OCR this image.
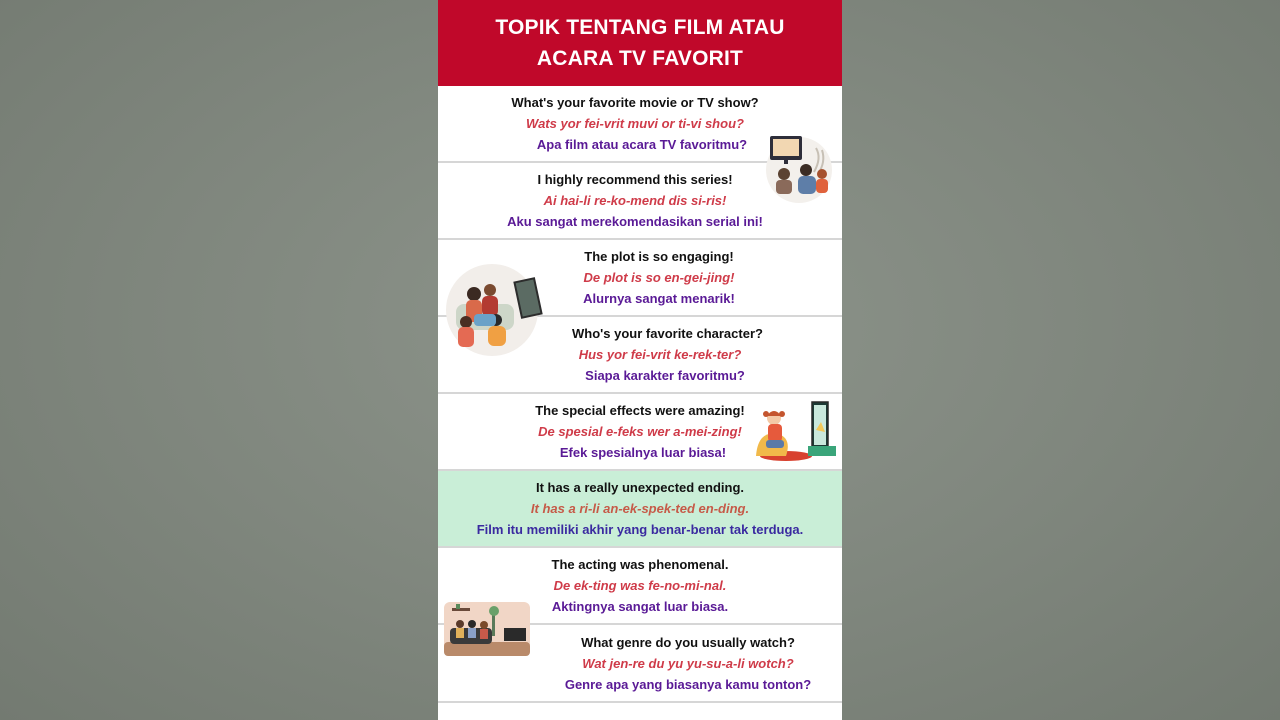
TOPIK TENTANG FILM ATAU
ACARA TV FAVORIT
What's your favorite movie or TV show?
Wats yor fei-vrit muvi or ti-vi shou?
Apa film atau acara TV favoritmu?
I highly recommend this series!
Ai hai-li re-ko-mend dis si-ris!
Aku sangat merekomendasikan serial ini!
The plot is so engaging!
De plot is so en-gei-jing!
Alurnya sangat menarik!
Who's your favorite character?
Hus yor fei-vrit ke-rek-ter?
Siapa karakter favoritmu?
The special effects were amazing!
De spesial e-feks wer a-mei-zing!
Efek spesialnya luar biasa!
It has a really unexpected ending.
It has a ri-li an-ek-spek-ted en-ding.
Film itu memiliki akhir yang benar-benar tak terduga.
The acting was phenomenal.
De ek-ting was fe-no-mi-nal.
Aktingnya sangat luar biasa.
What genre do you usually watch?
Wat jen-re du yu yu-su-a-li wotch?
Genre apa yang biasanya kamu tonton?
